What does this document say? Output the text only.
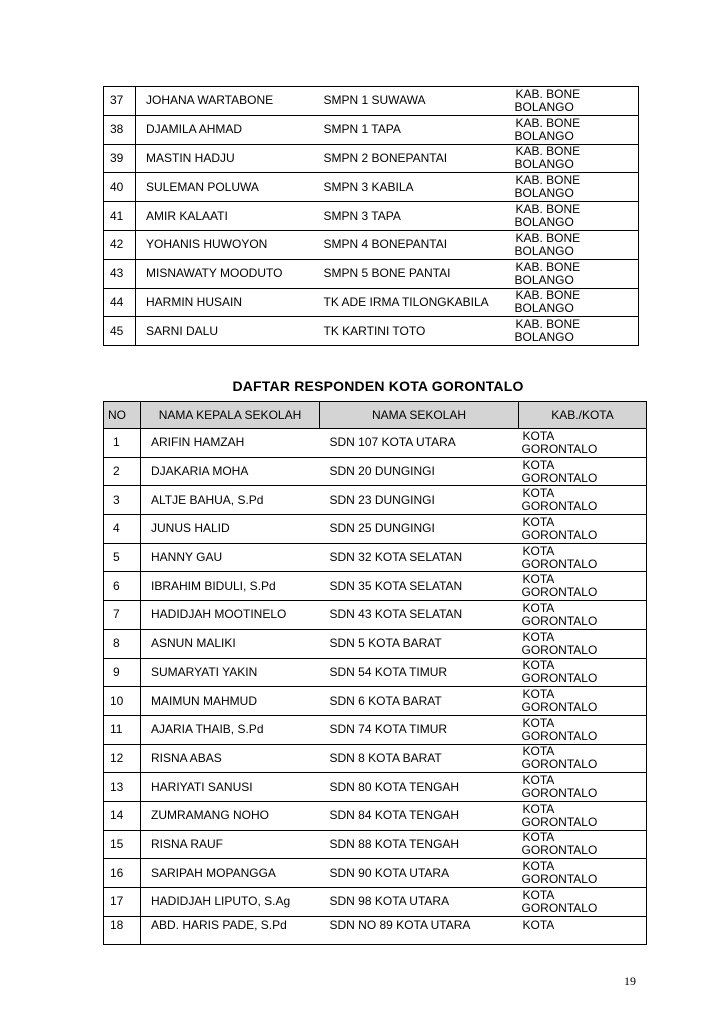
37	JOHANA WARTABONE	SMPN 1 SUWAWA	KAB. BONE
BOLANGO

38	DJAMILA AHMAD	SMPN 1 TAPA	KAB. BONE
BOLANGO

39	MASTIN HADJU	SMPN 2 BONEPANTAI	KAB. BONE
BOLANGO

40	SULEMAN POLUWA	SMPN 3 KABILA	KAB. BONE
BOLANGO

41	AMIR KALAATI	SMPN 3 TAPA	KAB. BONE
BOLANGO

42	YOHANIS HUWOYON	SMPN 4 BONEPANTAI	KAB. BONE
BOLANGO

43	MISNAWATY MOODUTO	SMPN 5 BONE PANTAI	KAB. BONE
BOLANGO

44	HARMIN HUSAIN	TK ADE IRMA TILONGKABILA	KAB. BONE
BOLANGO

45	SARNI DALU	TK KARTINI TOTO	KAB. BONE
BOLANGO
DAFTAR RESPONDEN KOTA GORONTALO
NO	NAMA KEPALA SEKOLAH	NAMA SEKOLAH	KAB./KOTA
1	ARIFIN HAMZAH	SDN 107 KOTA UTARA	KOTA
GORONTALO

2	DJAKARIA MOHA	SDN 20 DUNGINGI	KOTA
GORONTALO

3	ALTJE BAHUA, S.Pd	SDN 23 DUNGINGI	KOTA
GORONTALO

4	JUNUS HALID	SDN 25 DUNGINGI	KOTA
GORONTALO

5	HANNY GAU	SDN 32 KOTA SELATAN	KOTA
GORONTALO

6	IBRAHIM BIDULI, S.Pd	SDN 35 KOTA SELATAN	KOTA
GORONTALO

7	HADIDJAH MOOTINELO	SDN 43 KOTA SELATAN	KOTA
GORONTALO

8	ASNUN MALIKI	SDN 5 KOTA BARAT	KOTA
GORONTALO

9	SUMARYATI YAKIN	SDN 54 KOTA TIMUR	KOTA
GORONTALO

10	MAIMUN MAHMUD	SDN 6 KOTA BARAT	KOTA
GORONTALO

11	AJARIA THAIB, S.Pd	SDN 74 KOTA TIMUR	KOTA
GORONTALO

12	RISNA ABAS	SDN 8 KOTA BARAT	KOTA
GORONTALO

13	HARIYATI SANUSI	SDN 80 KOTA TENGAH	KOTA
GORONTALO

14	ZUMRAMANG NOHO	SDN 84 KOTA TENGAH	KOTA
GORONTALO

15	RISNA RAUF	SDN 88 KOTA TENGAH	KOTA
GORONTALO

16	SARIPAH MOPANGGA	SDN 90 KOTA UTARA	KOTA
GORONTALO

17	HADIDJAH LIPUTO, S.Ag	SDN 98 KOTA UTARA	KOTA
GORONTALO

18	ABD. HARIS PADE, S.Pd	SDN NO 89 KOTA UTARA	KOTA
19
